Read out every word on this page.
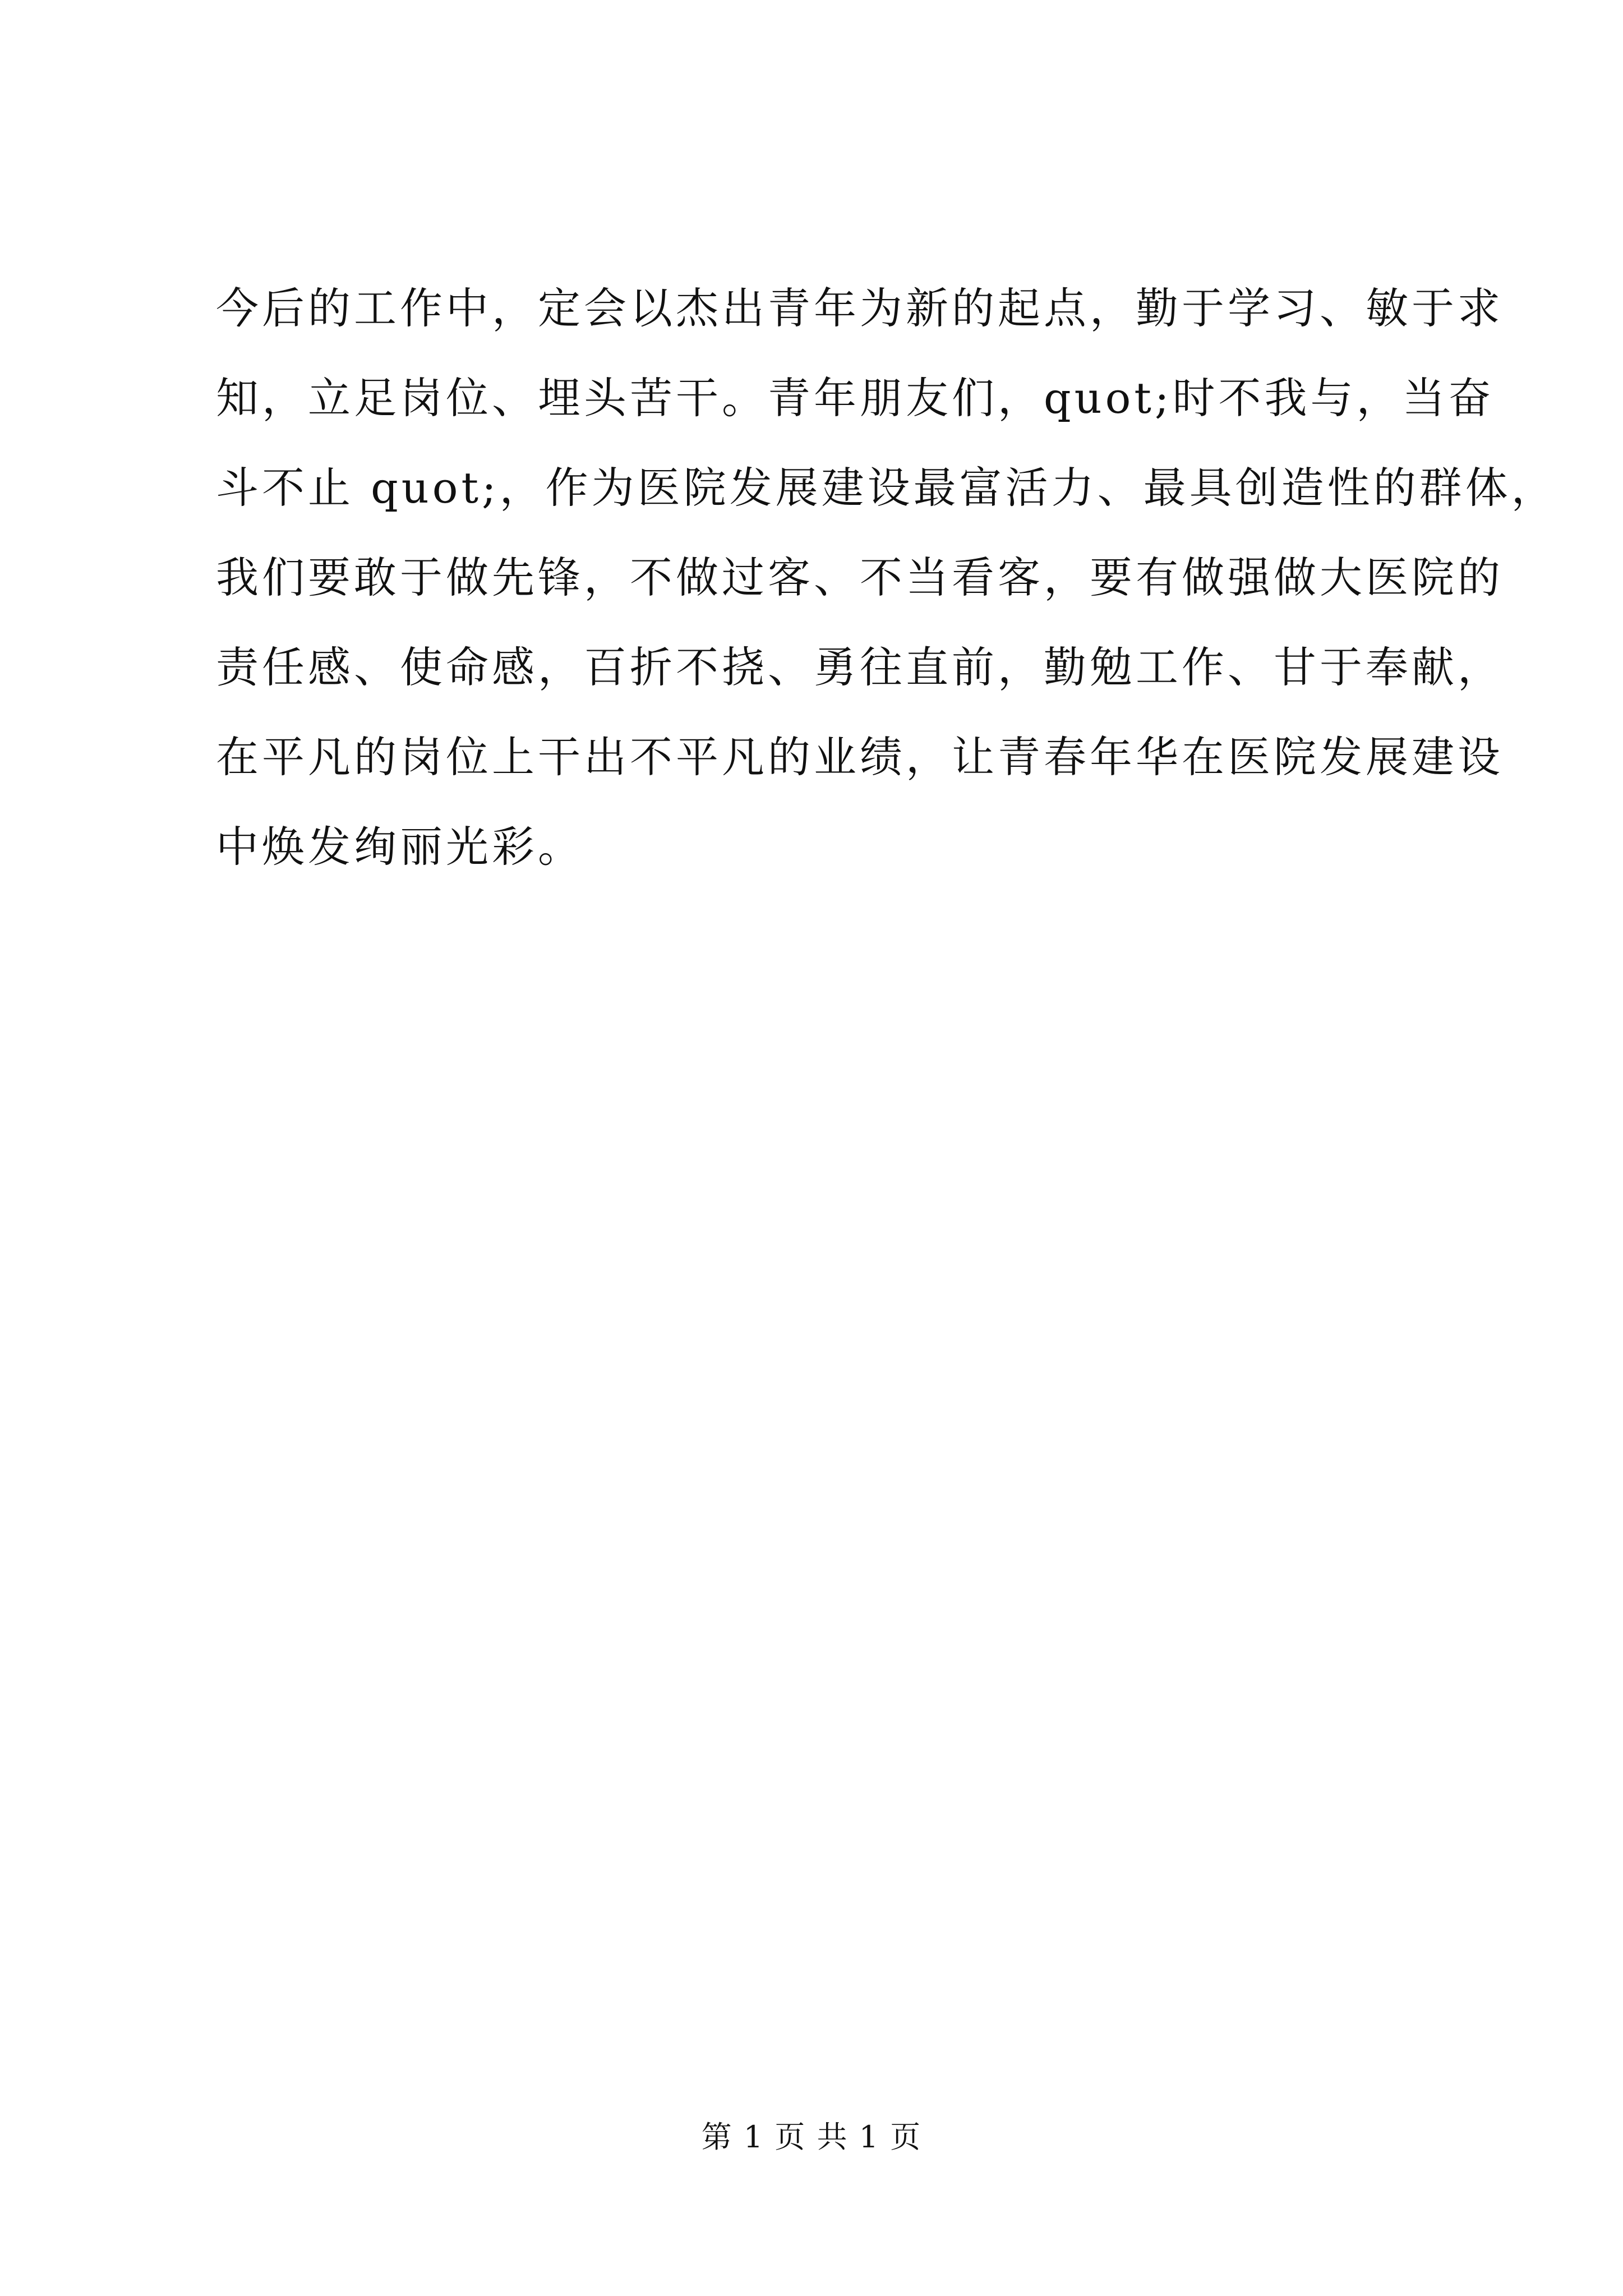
今后的工作中，定会以杰出青年为新的起点，勤于学习、敏于求
知，立足岗位、埋头苦干。青年朋友们，quot;时不我与，当奋
斗不止 quot;，作为医院发展建设最富活力、最具创造性的群体，
我们要敢于做先锋，不做过客、不当看客，要有做强做大医院的
责任感、使命感，百折不挠、勇往直前，勤勉工作、甘于奉献，
在平凡的岗位上干出不平凡的业绩，让青春年华在医院发展建设
中焕发绚丽光彩。
第 1 页 共 1 页
